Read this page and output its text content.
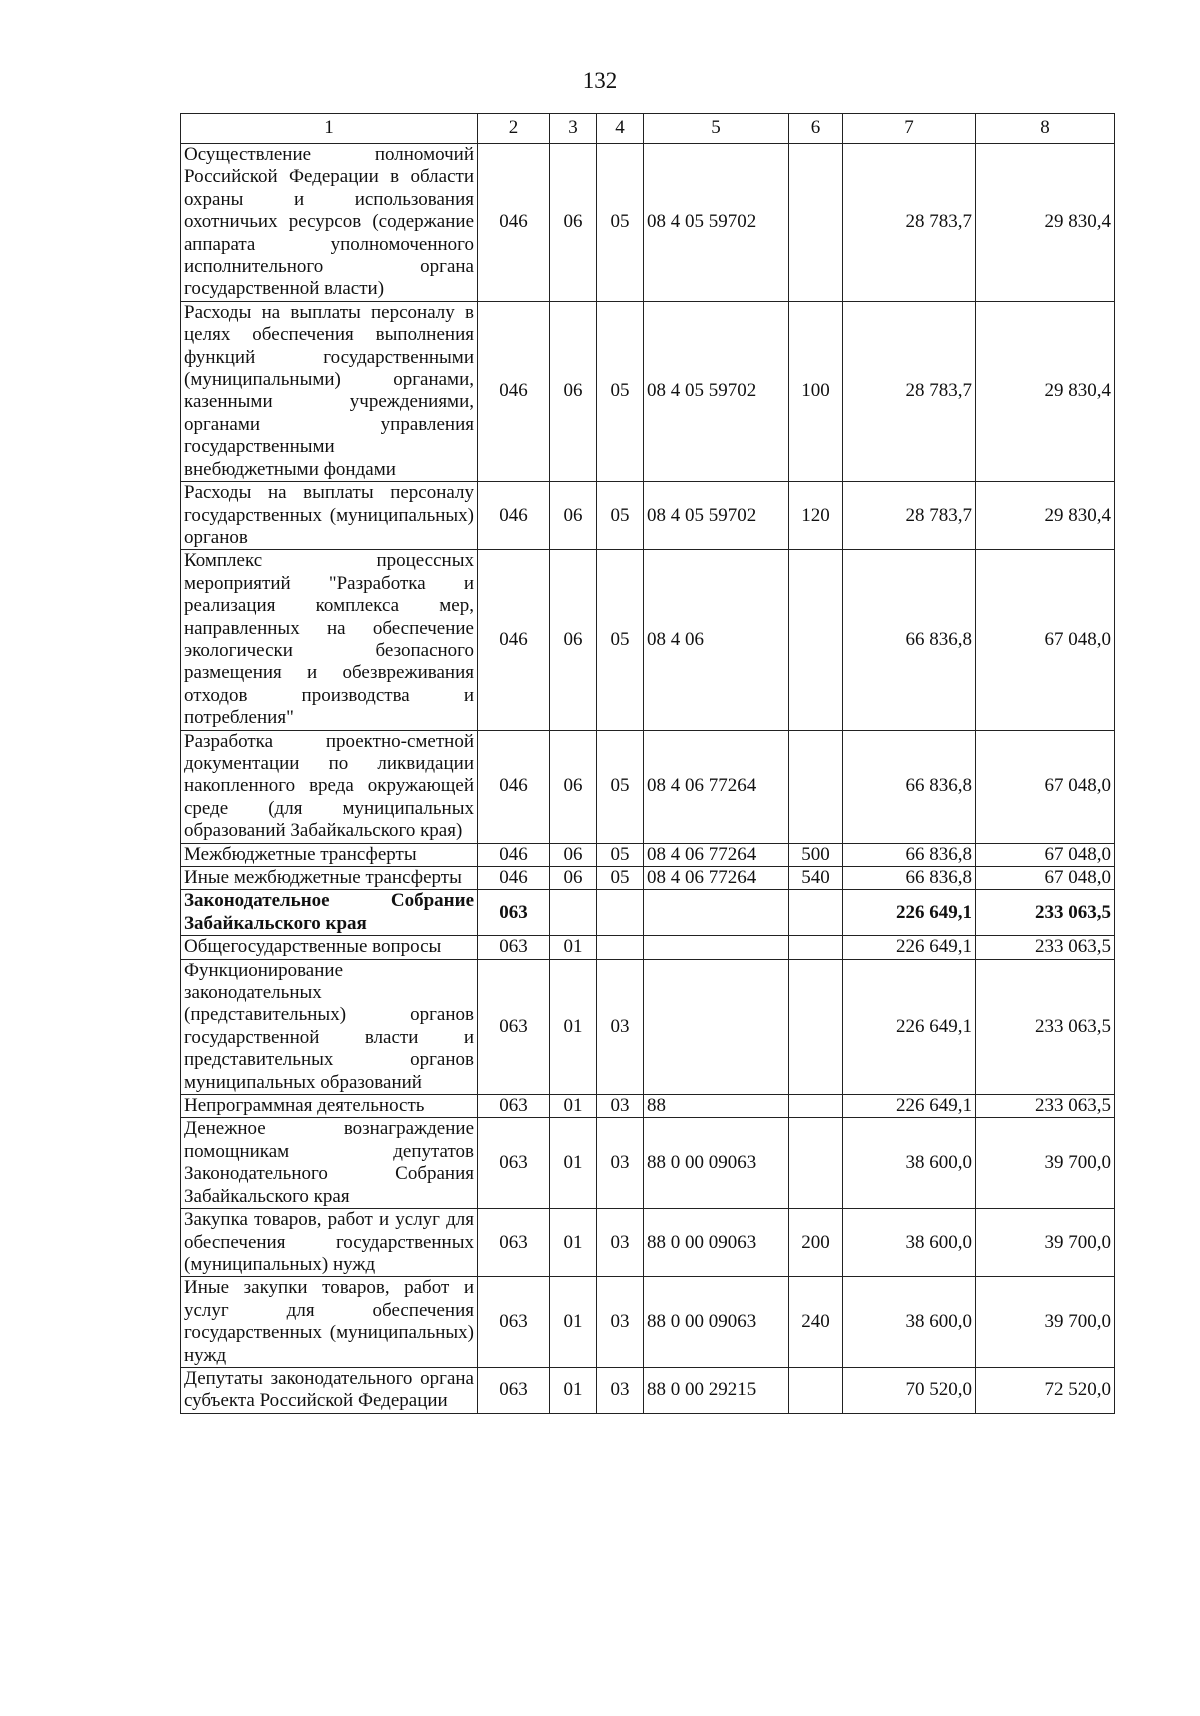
132
1	2	3	4	5	6	7	8
Осуществление полномочий Российской Федерации в области охраны и использования охотничьих ресурсов (содержание аппарата уполномоченного исполнительного органа государственной власти)	046	06	05	08 4 05 59702		28 783,7	29 830,4
Расходы на выплаты персоналу в целях обеспечения выполнения функций государственными (муниципальными) органами, казенными учреждениями, органами управления государственными внебюджетными фондами	046	06	05	08 4 05 59702	100	28 783,7	29 830,4
Расходы на выплаты персоналу государственных (муниципальных) органов	046	06	05	08 4 05 59702	120	28 783,7	29 830,4
Комплекс процессных мероприятий "Разработка и реализация комплекса мер, направленных на обеспечение экологически безопасного размещения и обезвреживания отходов производства и потребления"	046	06	05	08 4 06		66 836,8	67 048,0
Разработка проектно-сметной документации по ликвидации накопленного вреда окружающей среде (для муниципальных образований Забайкальского края)	046	06	05	08 4 06 77264		66 836,8	67 048,0
Межбюджетные трансферты	046	06	05	08 4 06 77264	500	66 836,8	67 048,0
Иные межбюджетные трансферты	046	06	05	08 4 06 77264	540	66 836,8	67 048,0
Законодательное Собрание Забайкальского края	063					226 649,1	233 063,5
Общегосударственные вопросы	063	01				226 649,1	233 063,5
Функционирование законодательных (представительных) органов государственной власти и представительных органов муниципальных образований	063	01	03			226 649,1	233 063,5
Непрограммная деятельность	063	01	03	88		226 649,1	233 063,5
Денежное вознаграждение помощникам депутатов Законодательного Собрания Забайкальского края	063	01	03	88 0 00 09063		38 600,0	39 700,0
Закупка товаров, работ и услуг для обеспечения государственных (муниципальных) нужд	063	01	03	88 0 00 09063	200	38 600,0	39 700,0
Иные закупки товаров, работ и услуг для обеспечения государственных (муниципальных) нужд	063	01	03	88 0 00 09063	240	38 600,0	39 700,0
Депутаты законодательного органа субъекта Российской Федерации	063	01	03	88 0 00 29215		70 520,0	72 520,0
